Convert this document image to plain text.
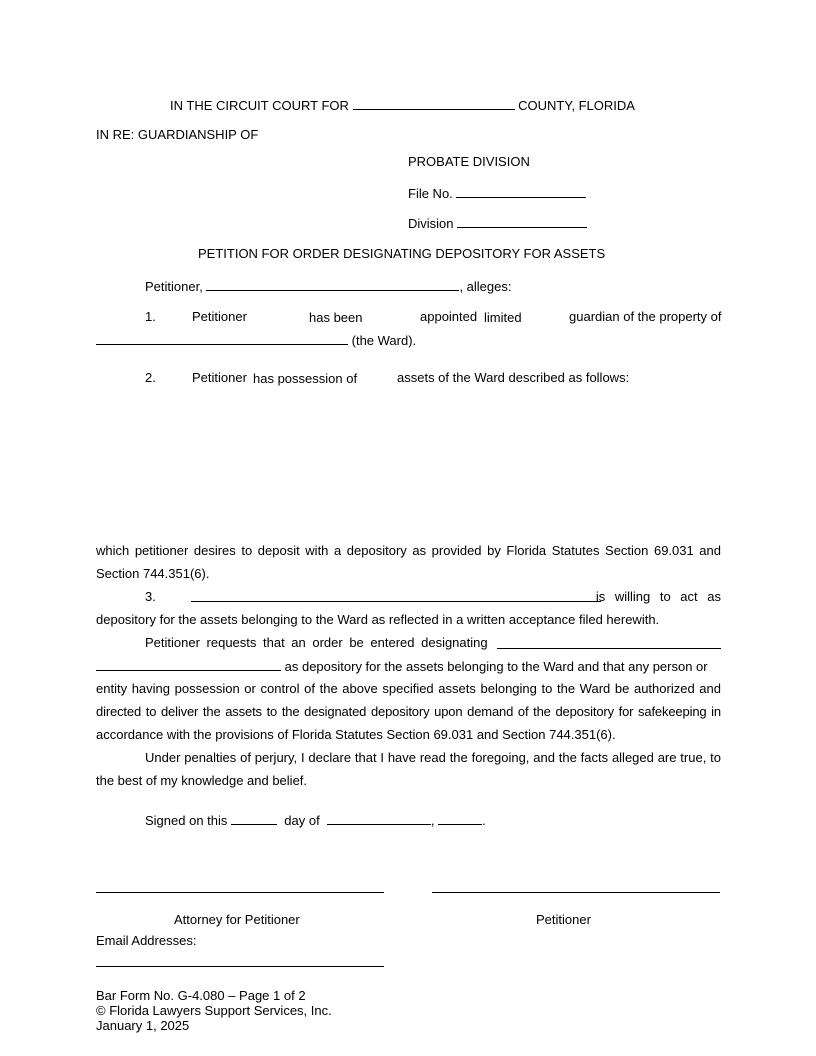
IN THE CIRCUIT COURT FOR	COUNTY, FLORIDA
IN RE: GUARDIANSHIP OF
PROBATE DIVISION
File No.
Division
PETITION FOR ORDER DESIGNATING DEPOSITORY FOR ASSETS
Petitioner,	, alleges:
1.	Petitioner	has been	appointed limited	guardian of the property of
(the Ward).
2.	Petitioner has possession of	assets of the Ward described as follows:
which petitioner desires to deposit with a depository as provided by Florida Statutes Section 69.031 and
Section 744.351(6).
3.	is willing to act as
depository for the assets belonging to the Ward as reflected in a written acceptance filed herewith.
Petitioner requests that an order be entered designating
as depository for the assets belonging to the Ward and that any person or
entity having possession or control of the above specified assets belonging to the Ward be authorized and
directed to deliver the assets to the designated depository upon demand of the depository for safekeeping in
accordance with the provisions of Florida Statutes Section 69.031 and Section 744.351(6).
Under penalties of perjury, I declare that I have read the foregoing, and the facts alleged are true, to
the best of my knowledge and belief.
Signed on this	day of	,	.
Attorney for Petitioner	Petitioner
Email Addresses:
Bar Form No. G-4.080 – Page 1 of 2
© Florida Lawyers Support Services, Inc.
January 1, 2025
